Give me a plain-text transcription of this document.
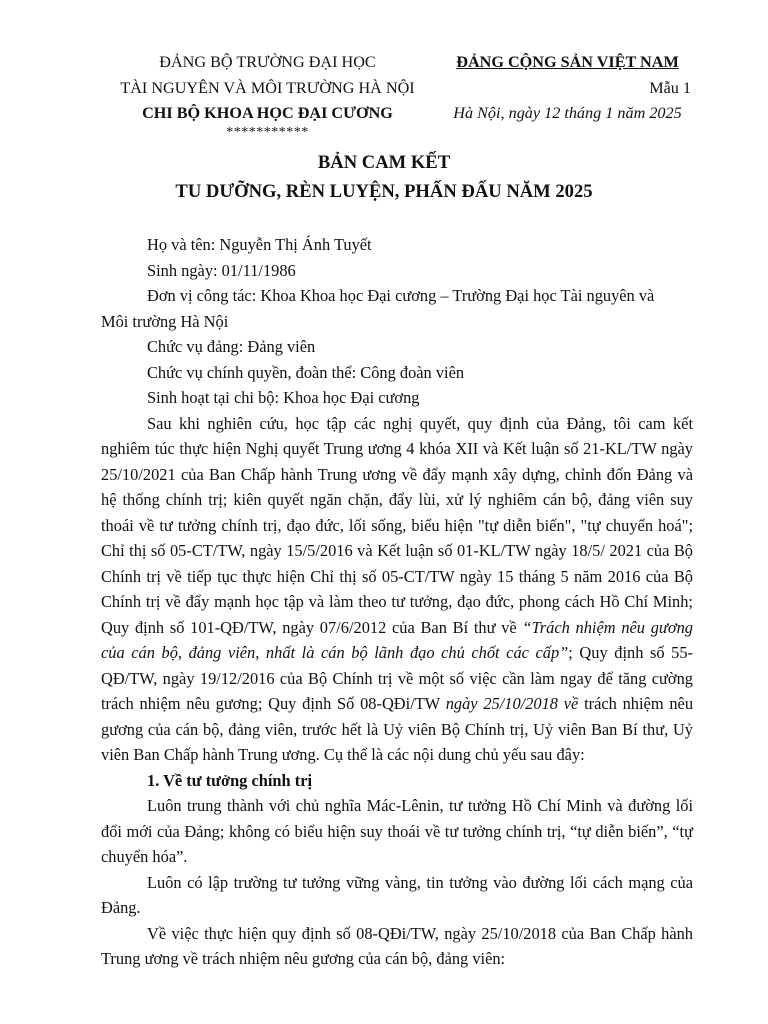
ĐẢNG BỘ TRƯỜNG ĐẠI HỌC
TÀI NGUYÊN VÀ MÔI TRƯỜNG HÀ NỘI
CHI BỘ KHOA HỌC ĐẠI CƯƠNG
***********
ĐẢNG CỘNG SẢN VIỆT NAM
Mẫu 1
Hà Nội, ngày 12 tháng 1 năm 2025
BẢN CAM KẾT
TU DƯỠNG, RÈN LUYỆN, PHẤN ĐẤU NĂM 2025
Họ và tên: Nguyễn Thị Ánh Tuyết
Sinh ngày: 01/11/1986
Đơn vị công tác: Khoa Khoa học Đại cương – Trường Đại học Tài nguyên và
Môi trường Hà Nội
Chức vụ đảng: Đảng viên
Chức vụ chính quyền, đoàn thể: Công đoàn viên
Sinh hoạt tại chi bộ: Khoa học Đại cương
Sau khi nghiên cứu, học tập các nghị quyết, quy định của Đảng, tôi cam kết nghiêm túc thực hiện Nghị quyết Trung ương 4 khóa XII và Kết luận số 21-KL/TW ngày 25/10/2021 của Ban Chấp hành Trung ương về đẩy mạnh xây dựng, chỉnh đốn Đảng và hệ thống chính trị; kiên quyết ngăn chặn, đẩy lùi, xử lý nghiêm cán bộ, đảng viên suy thoái về tư tưởng chính trị, đạo đức, lối sống, biểu hiện "tự diễn biến", "tự chuyển hoá"; Chỉ thị số 05-CT/TW, ngày 15/5/2016 và Kết luận số 01-KL/TW ngày 18/5/ 2021 của Bộ Chính trị về tiếp tục thực hiện Chỉ thị số 05-CT/TW ngày 15 tháng 5 năm 2016 của Bộ Chính trị về đẩy mạnh học tập và làm theo tư tưởng, đạo đức, phong cách Hồ Chí Minh; Quy định số 101-QĐ/TW, ngày 07/6/2012 của Ban Bí thư về “Trách nhiệm nêu gương của cán bộ, đảng viên, nhất là cán bộ lãnh đạo chủ chốt các cấp”; Quy định số 55-QĐ/TW, ngày 19/12/2016 của Bộ Chính trị về một số việc cần làm ngay để tăng cường trách nhiệm nêu gương; Quy định Số 08-QĐi/TW ngày 25/10/2018 về trách nhiệm nêu gương của cán bộ, đảng viên, trước hết là Uỷ viên Bộ Chính trị, Uỷ viên Ban Bí thư, Uỷ viên Ban Chấp hành Trung ương. Cụ thể là các nội dung chủ yếu sau đây:
1. Về tư tưởng chính trị
Luôn trung thành với chủ nghĩa Mác-Lênin, tư tưởng Hồ Chí Minh và đường lối đổi mới của Đảng; không có biểu hiện suy thoái về tư tưởng chính trị, “tự diễn biến”, “tự chuyển hóa”.
Luôn có lập trường tư tưởng vững vàng, tin tưởng vào đường lối cách mạng của Đảng.
Về việc thực hiện quy định số 08-QĐi/TW, ngày 25/10/2018 của Ban Chấp hành Trung ương về trách nhiệm nêu gương của cán bộ, đảng viên:
